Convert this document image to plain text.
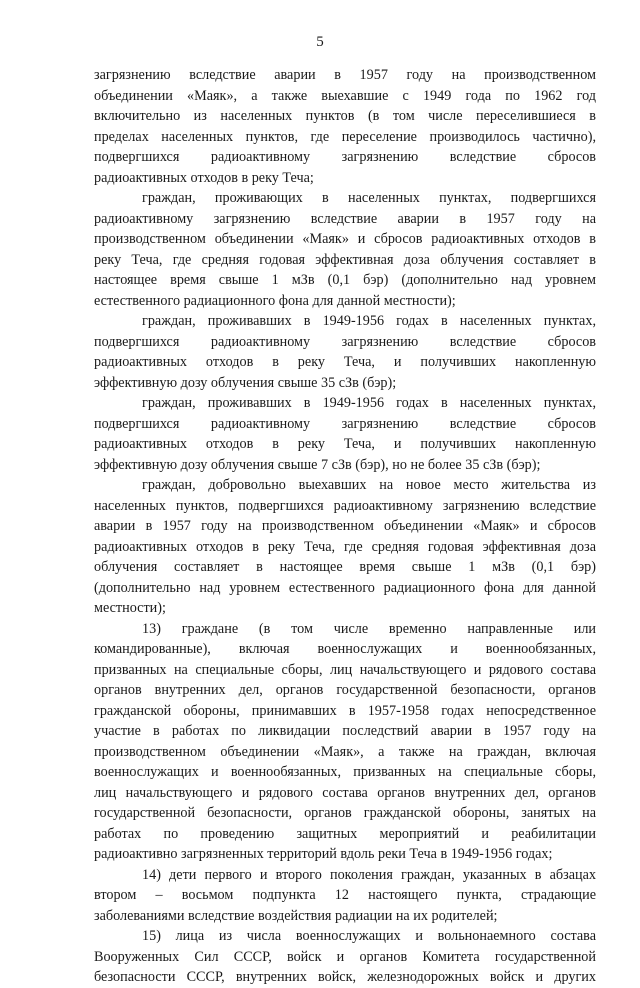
5

загрязнению вследствие аварии в 1957 году на производственном

объединении «Маяк», а также выехавшие с 1949 года по 1962 год

включительно из населенных пунктов (в том числе переселившиеся в

пределах населенных пунктов, где переселение производилось частично),

подвергшихся радиоактивному загрязнению вследствие сбросов

радиоактивных отходов в реку Теча;

граждан, проживающих в населенных пунктах, подвергшихся

радиоактивному загрязнению вследствие аварии в 1957 году на

производственном объединении «Маяк» и сбросов радиоактивных отходов в

реку Теча, где средняя годовая эффективная доза облучения составляет в

настоящее время свыше 1 мЗв (0,1 бэр) (дополнительно над уровнем

естественного радиационного фона для данной местности);

граждан, проживавших в 1949-1956 годах в населенных пунктах,

подвергшихся радиоактивному загрязнению вследствие сбросов

радиоактивных отходов в реку Теча, и получивших накопленную

эффективную дозу облучения свыше 35 сЗв (бэр);

граждан, проживавших в 1949-1956 годах в населенных пунктах,

подвергшихся радиоактивному загрязнению вследствие сбросов

радиоактивных отходов в реку Теча, и получивших накопленную

эффективную дозу облучения свыше 7 сЗв (бэр), но не более 35 сЗв (бэр);

граждан, добровольно выехавших на новое место жительства из

населенных пунктов, подвергшихся радиоактивному загрязнению вследствие

аварии в 1957 году на производственном объединении «Маяк» и сбросов

радиоактивных отходов в реку Теча, где средняя годовая эффективная доза

облучения составляет в настоящее время свыше 1 мЗв (0,1 бэр)

(дополнительно над уровнем естественного радиационного фона для данной

местности);

13) граждане (в том числе временно направленные или

командированные), включая военнослужащих и военнообязанных,

призванных на специальные сборы, лиц начальствующего и рядового состава

органов внутренних дел, органов государственной безопасности, органов

гражданской обороны, принимавших в 1957-1958 годах непосредственное

участие в работах по ликвидации последствий аварии в 1957 году на

производственном объединении «Маяк», а также на граждан, включая

военнослужащих и военнообязанных, призванных на специальные сборы,

лиц начальствующего и рядового состава органов внутренних дел, органов

государственной безопасности, органов гражданской обороны, занятых на

работах по проведению защитных мероприятий и реабилитации

радиоактивно загрязненных территорий вдоль реки Теча в 1949-1956 годах;

14) дети первого и второго поколения граждан, указанных в абзацах

втором – восьмом подпункта 12 настоящего пункта, страдающие

заболеваниями вследствие воздействия радиации на их родителей;

15) лица из числа военнослужащих и вольнонаемного состава

Вооруженных Сил СССР, войск и органов Комитета государственной

безопасности СССР, внутренних войск, железнодорожных войск и других
